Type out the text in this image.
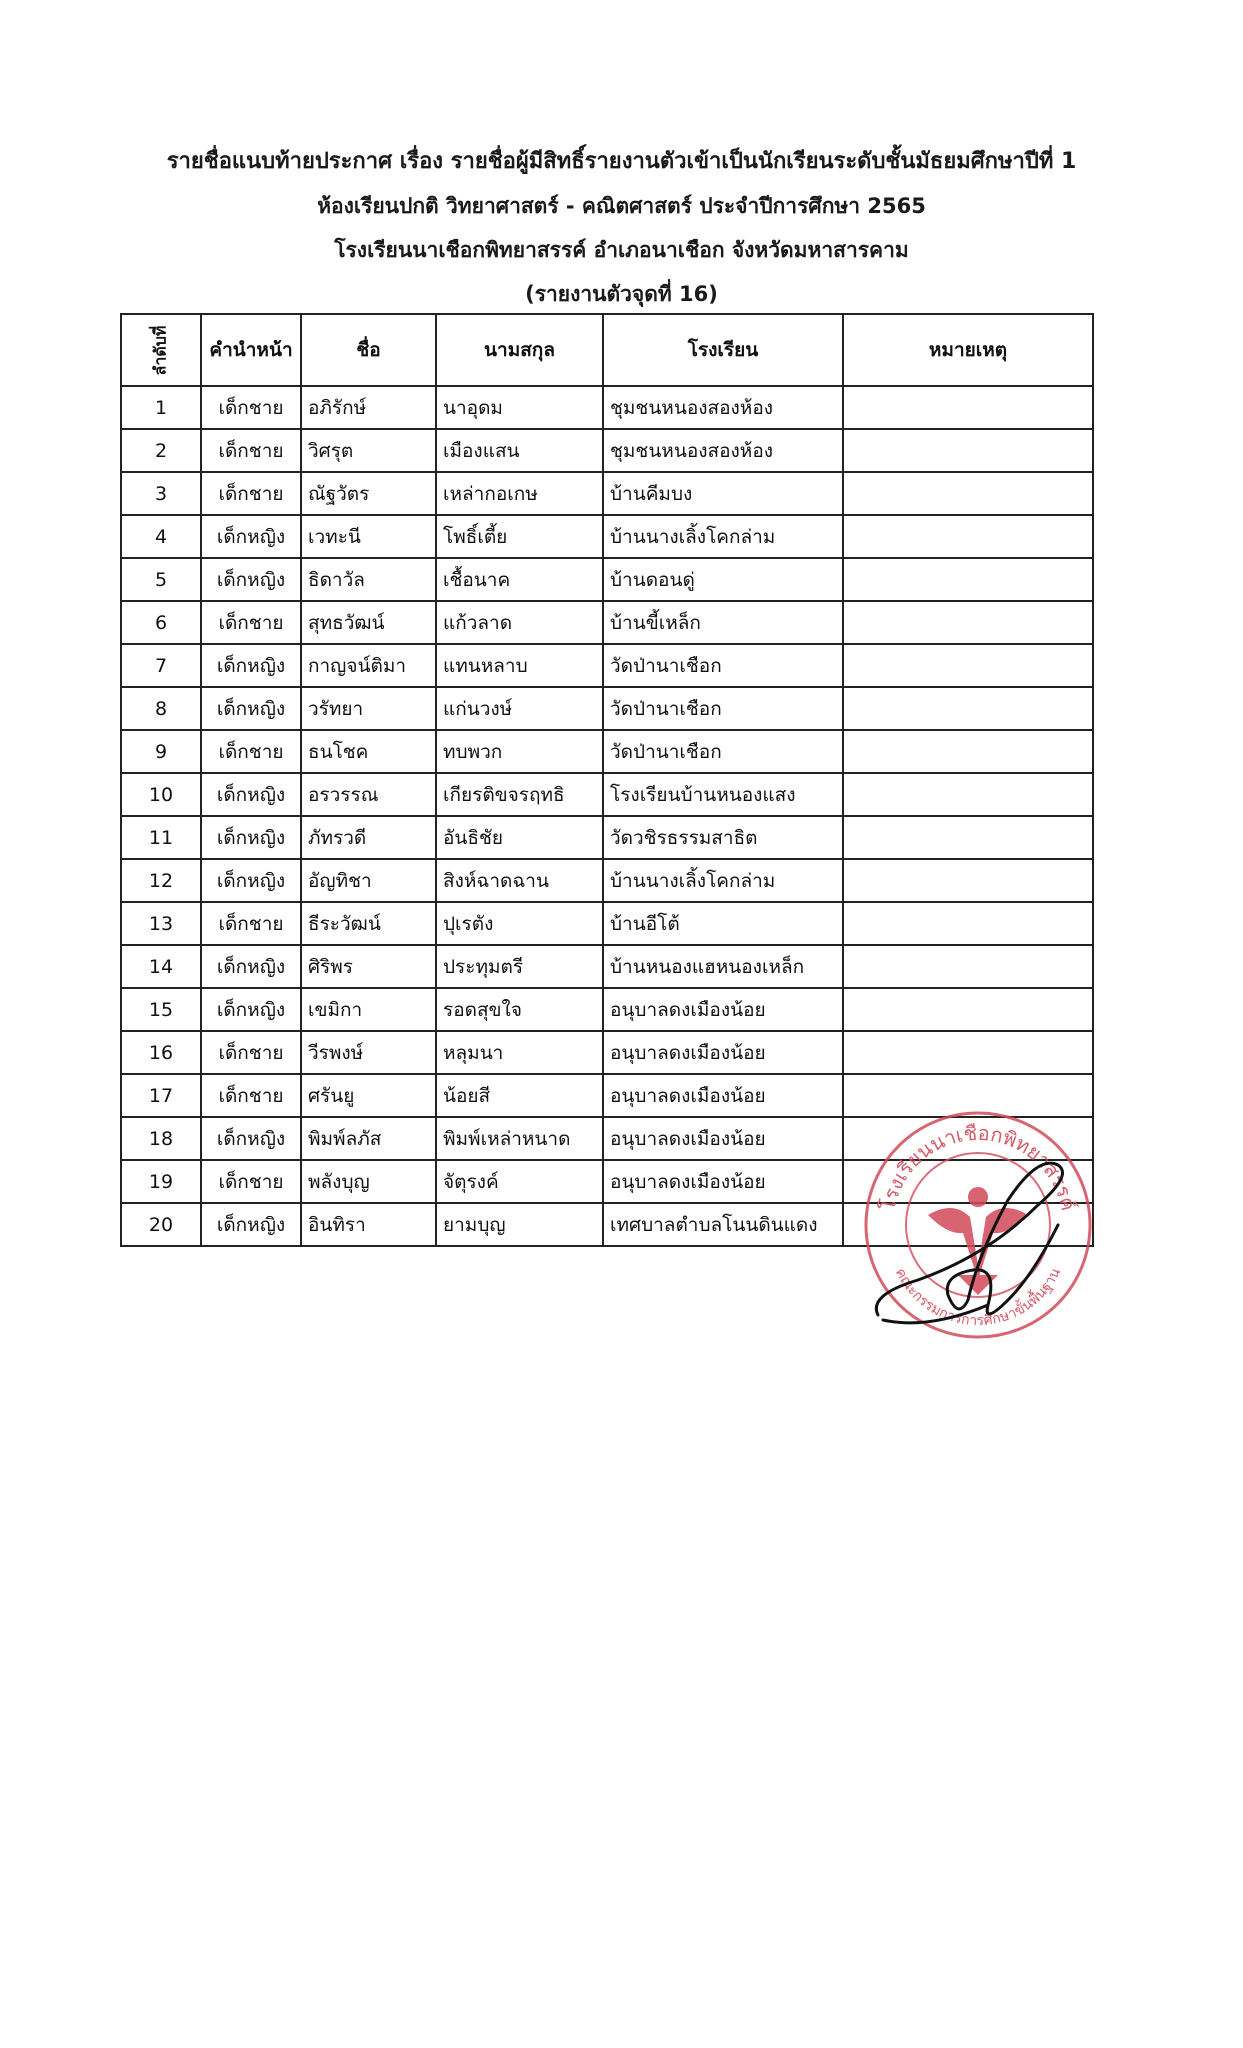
รายชื่อแนบท้ายประกาศ เรื่อง รายชื่อผู้มีสิทธิ์รายงานตัวเข้าเป็นนักเรียนระดับชั้นมัธยมศึกษาปีที่ 1
ห้องเรียนปกติ วิทยาศาสตร์ - คณิตศาสตร์ ประจำปีการศึกษา 2565
โรงเรียนนาเชือกพิทยาสรรค์ อำเภอนาเชือก จังหวัดมหาสารคาม
(รายงานตัวจุดที่ 16)
ลำดับที่	คำนำหน้า	ชื่อ	นามสกุล	โรงเรียน	หมายเหตุ
1	เด็กชาย	อภิรักษ์	นาอุดม	ชุมชนหนองสองห้อง	
2	เด็กชาย	วิศรุต	เมืองแสน	ชุมชนหนองสองห้อง	
3	เด็กชาย	ณัฐวัตร	เหล่ากอเกษ	บ้านคีมบง	
4	เด็กหญิง	เวทะนี	โพธิ์เตี้ย	บ้านนางเลิ้งโคกล่าม	
5	เด็กหญิง	ธิดาวัล	เชื้อนาค	บ้านดอนดู่	
6	เด็กชาย	สุทธวัฒน์	แก้วลาด	บ้านขี้เหล็ก	
7	เด็กหญิง	กาญจน์ติมา	แทนหลาบ	วัดป่านาเชือก	
8	เด็กหญิง	วรัทยา	แก่นวงษ์	วัดป่านาเชือก	
9	เด็กชาย	ธนโชค	ทบพวก	วัดป่านาเชือก	
10	เด็กหญิง	อรวรรณ	เกียรติขจรฤทธิ	โรงเรียนบ้านหนองแสง	
11	เด็กหญิง	ภัทรวดี	อันธิชัย	วัดวชิรธรรมสาธิต	
12	เด็กหญิง	อัญทิชา	สิงห์ฉาดฉาน	บ้านนางเลิ้งโคกล่าม	
13	เด็กชาย	ธีระวัฒน์	ปุเรตัง	บ้านอีโต้	
14	เด็กหญิง	ศิริพร	ประทุมตรี	บ้านหนองแฮหนองเหล็ก	
15	เด็กหญิง	เขมิกา	รอดสุขใจ	อนุบาลดงเมืองน้อย	
16	เด็กชาย	วีรพงษ์	หลุมนา	อนุบาลดงเมืองน้อย	
17	เด็กชาย	ศรันยู	น้อยสี	อนุบาลดงเมืองน้อย	
18	เด็กหญิง	พิมพ์ลภัส	พิมพ์เหล่าหนาด	อนุบาลดงเมืองน้อย	
19	เด็กชาย	พลังบุญ	จัตุรงค์	อนุบาลดงเมืองน้อย	
20	เด็กหญิง	อินทิรา	ยามบุญ	เทศบาลตำบลโนนดินแดง	
โรงเรียนนาเชือกพิทยาสรรค์
คณะกรรมการการศึกษาขั้นพื้นฐาน
